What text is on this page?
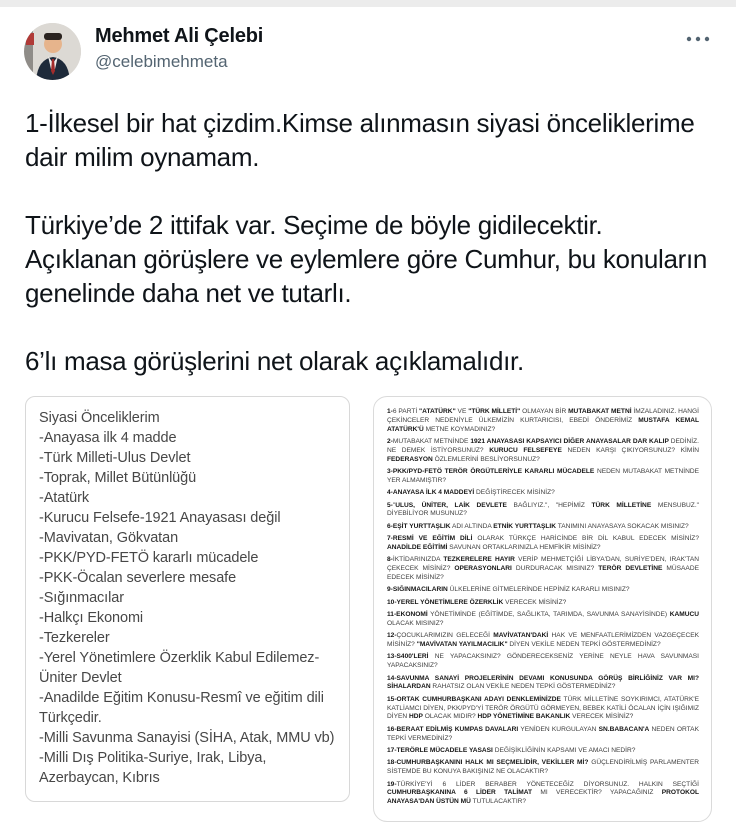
Mehmet Ali Çelebi
@celebimehmeta

1-İlkesel bir hat çizdim.Kimse alınmasın siyasi önceliklerime dair milim oynamam.

Türkiye’de 2 ittifak var. Seçime de böyle gidilecektir. Açıklanan görüşlere ve eylemlere göre Cumhur, bu konuların genelinde daha net ve tutarlı.

6’lı masa görüşlerini net olarak açıklamalıdır.

Siyasi Önceliklerim
-Anayasa ilk 4 madde
-Türk Milleti-Ulus Devlet
-Toprak, Millet Bütünlüğü
-Atatürk
-Kurucu Felsefe-1921 Anayasası değil
-Mavivatan, Gökvatan
-PKK/PYD-FETÖ kararlı mücadele
-PKK-Öcalan severlere mesafe
-Sığınmacılar
-Halkçı Ekonomi
-Tezkereler
-Yerel Yönetimlere Özerklik Kabul Edilemez-Üniter Devlet
-Anadilde Eğitim Konusu-Resmî ve eğitim dili Türkçedir.
-Milli Savunma Sanayisi (SİHA, Atak, MMU vb)
-Milli Dış Politika-Suriye, Irak, Libya, Azerbaycan, Kıbrıs

1-6 PARTİ "ATATÜRK" VE "TÜRK MİLLETİ" OLMAYAN BİR MUTABAKAT METNİ İMZALADINIZ. HANGİ ÇEKİNCELER NEDENİYLE ÜLKEMİZİN KURTARICISI, EBEDİ ÖNDERİMİZ MUSTAFA KEMAL ATATÜRK'Ü METNE KOYMADINIZ?

2-MUTABAKAT METNİNDE 1921 ANAYASASI KAPSAYICI DİĞER ANAYASALAR DAR KALIP DEDİNİZ. NE DEMEK İSTİYORSUNUZ? KURUCU FELSEFEYE NEDEN KARŞI ÇIKIYORSUNUZ? KİMİN FEDERASYON ÖZLEMLERİNİ BESLİYORSUNUZ?

3-PKK/PYD-FETÖ TERÖR ÖRGÜTLERİYLE KARARLI MÜCADELE NEDEN MUTABAKAT METNİNDE YER ALMAMIŞTIR?

4-ANAYASA İLK 4 MADDEYİ DEĞİŞTİRECEK MİSİNİZ?

5-"ULUS, ÜNİTER, LAİK DEVLETE BAĞLIYIZ.", "HEPİMİZ TÜRK MİLLETİNE MENSUBUZ." DİYEBİLİYOR MUSUNUZ?

6-EŞİT YURTTAŞLIK ADI ALTINDA ETNİK YURTTAŞLIK TANIMINI ANAYASAYA SOKACAK MISINIZ?

7-RESMİ VE EĞİTİM DİLİ OLARAK TÜRKÇE HARİCİNDE BİR DİL KABUL EDECEK MİSİNİZ? ANADİLDE EĞİTİMİ SAVUNAN ORTAKLARINIZLA HEMFİKİR MİSİNİZ?

8-İKTİDARINIZDA TEZKERELERE HAYIR VERİP MEHMETÇİĞİ LİBYA'DAN, SURİYE'DEN, IRAK'TAN ÇEKECEK MİSİNİZ? OPERASYONLARI DURDURACAK MISINIZ? TERÖR DEVLETİNE MÜSAADE EDECEK MİSİNİZ?

9-SIĞINMACILARIN ÜLKELERİNE GİTMELERİNDE HEPİNİZ KARARLI MISINIZ?

10-YEREL YÖNETİMLERE ÖZERKLİK VERECEK MİSİNİZ?

11-EKONOMİ YÖNETİMİNDE (EĞİTİMDE, SAĞLIKTA, TARIMDA, SAVUNMA SANAYİSİNDE) KAMUCU OLACAK MISINIZ?

12-ÇOCUKLARIMIZIN GELECEĞİ MAVİVATAN'DAKİ HAK VE MENFAATLERİMİZDEN VAZGEÇECEK MİSİNİZ? "MAVİVATAN YAYILMACILIK" DİYEN VEKİLE NEDEN TEPKİ GÖSTERMEDİNİZ?

13-S400'LERİ NE YAPACAKSINIZ? GÖNDERECEKSENİZ YERİNE NEYLE HAVA SAVUNMASI YAPACAKSINIZ?

14-SAVUNMA SANAYİ PROJELERİNİN DEVAMI KONUSUNDA GÖRÜŞ BİRLİĞİNİZ VAR MI? SİHALARDAN RAHATSIZ OLAN VEKİLE NEDEN TEPKİ GÖSTERMEDİNİZ?

15-ORTAK CUMHURBAŞKANI ADAYI DENKLEMİNİZDE TÜRK MİLLETİNE SOYKIRIMCI, ATATÜRK'E KATLİAMCI DİYEN, PKK/PYD'Yİ TERÖR ÖRGÜTÜ GÖRMEYEN, BEBEK KATİLİ ÖCALAN İÇİN IŞIĞIMIZ DİYEN HDP OLACAK MIDIR? HDP YÖNETİMİNE BAKANLIK VERECEK MİSİNİZ?

16-BERAAT EDİLMİŞ KUMPAS DAVALARI YENİDEN KURGULAYAN SN.BABACAN'A NEDEN ORTAK TEPKİ VERMEDİNİZ?

17-TERÖRLE MÜCADELE YASASI DEĞİŞİKLİĞİNİN KAPSAMI VE AMACI NEDİR?

18-CUMHURBAŞKANINI HALK MI SEÇMELİDİR, VEKİLLER Mİ? GÜÇLENDİRİLMİŞ PARLAMENTER SİSTEMDE BU KONUYA BAKIŞINIZ NE OLACAKTIR?

19-TÜRKİYE'Yİ 6 LİDER BERABER YÖNETECEĞİZ DİYORSUNUZ. HALKIN SEÇTİĞİ CUMHURBAŞKANINA 6 LİDER TALİMAT MI VERECEKTİR? YAPACAĞINIZ PROTOKOL ANAYASA'DAN ÜSTÜN MÜ TUTULACAKTIR?
